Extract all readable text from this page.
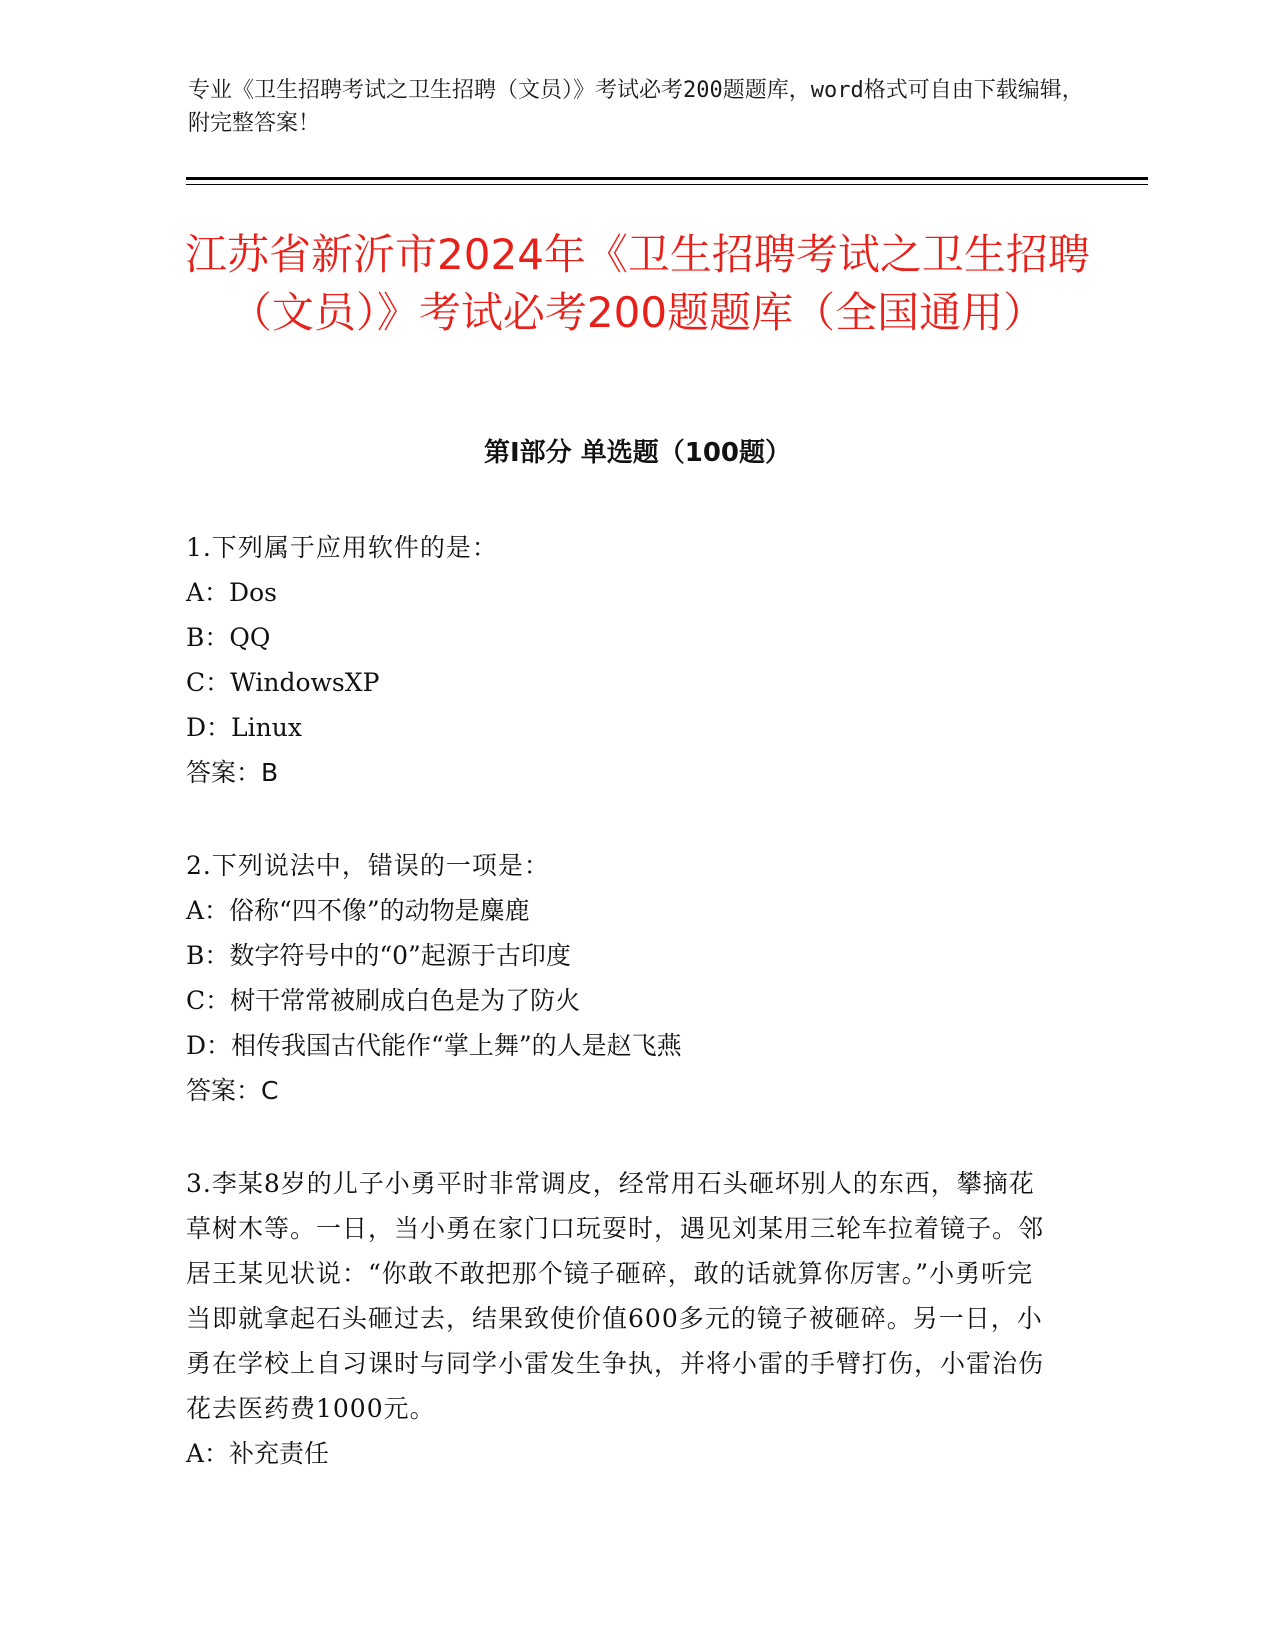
专业《卫生招聘考试之卫生招聘（文员）》考试必考200题题库，word格式可自由下载编辑，附完整答案！
江苏省新沂市2024年《卫生招聘考试之卫生招聘（文员）》考试必考200题题库（全国通用）
第Ⅰ部分 单选题（100题）

1.下列属于应用软件的是：

A：Dos

B：QQ

C：WindowsXP

D：Linux

答案：B

2.下列说法中，错误的一项是：

A：俗称“四不像”的动物是麋鹿

B：数字符号中的“0”起源于古印度

C：树干常常被刷成白色是为了防火

D：相传我国古代能作“掌上舞”的人是赵飞燕

答案：C

3.李某8岁的儿子小勇平时非常调皮，经常用石头砸坏别人的东西，攀摘花草树木等。一日，当小勇在家门口玩耍时，遇见刘某用三轮车拉着镜子。邻居王某见状说：“你敢不敢把那个镜子砸碎，敢的话就算你厉害。”小勇听完当即就拿起石头砸过去，结果致使价值600多元的镜子被砸碎。另一日，小勇在学校上自习课时与同学小雷发生争执，并将小雷的手臂打伤，小雷治伤花去医药费1000元。

A：补充责任
